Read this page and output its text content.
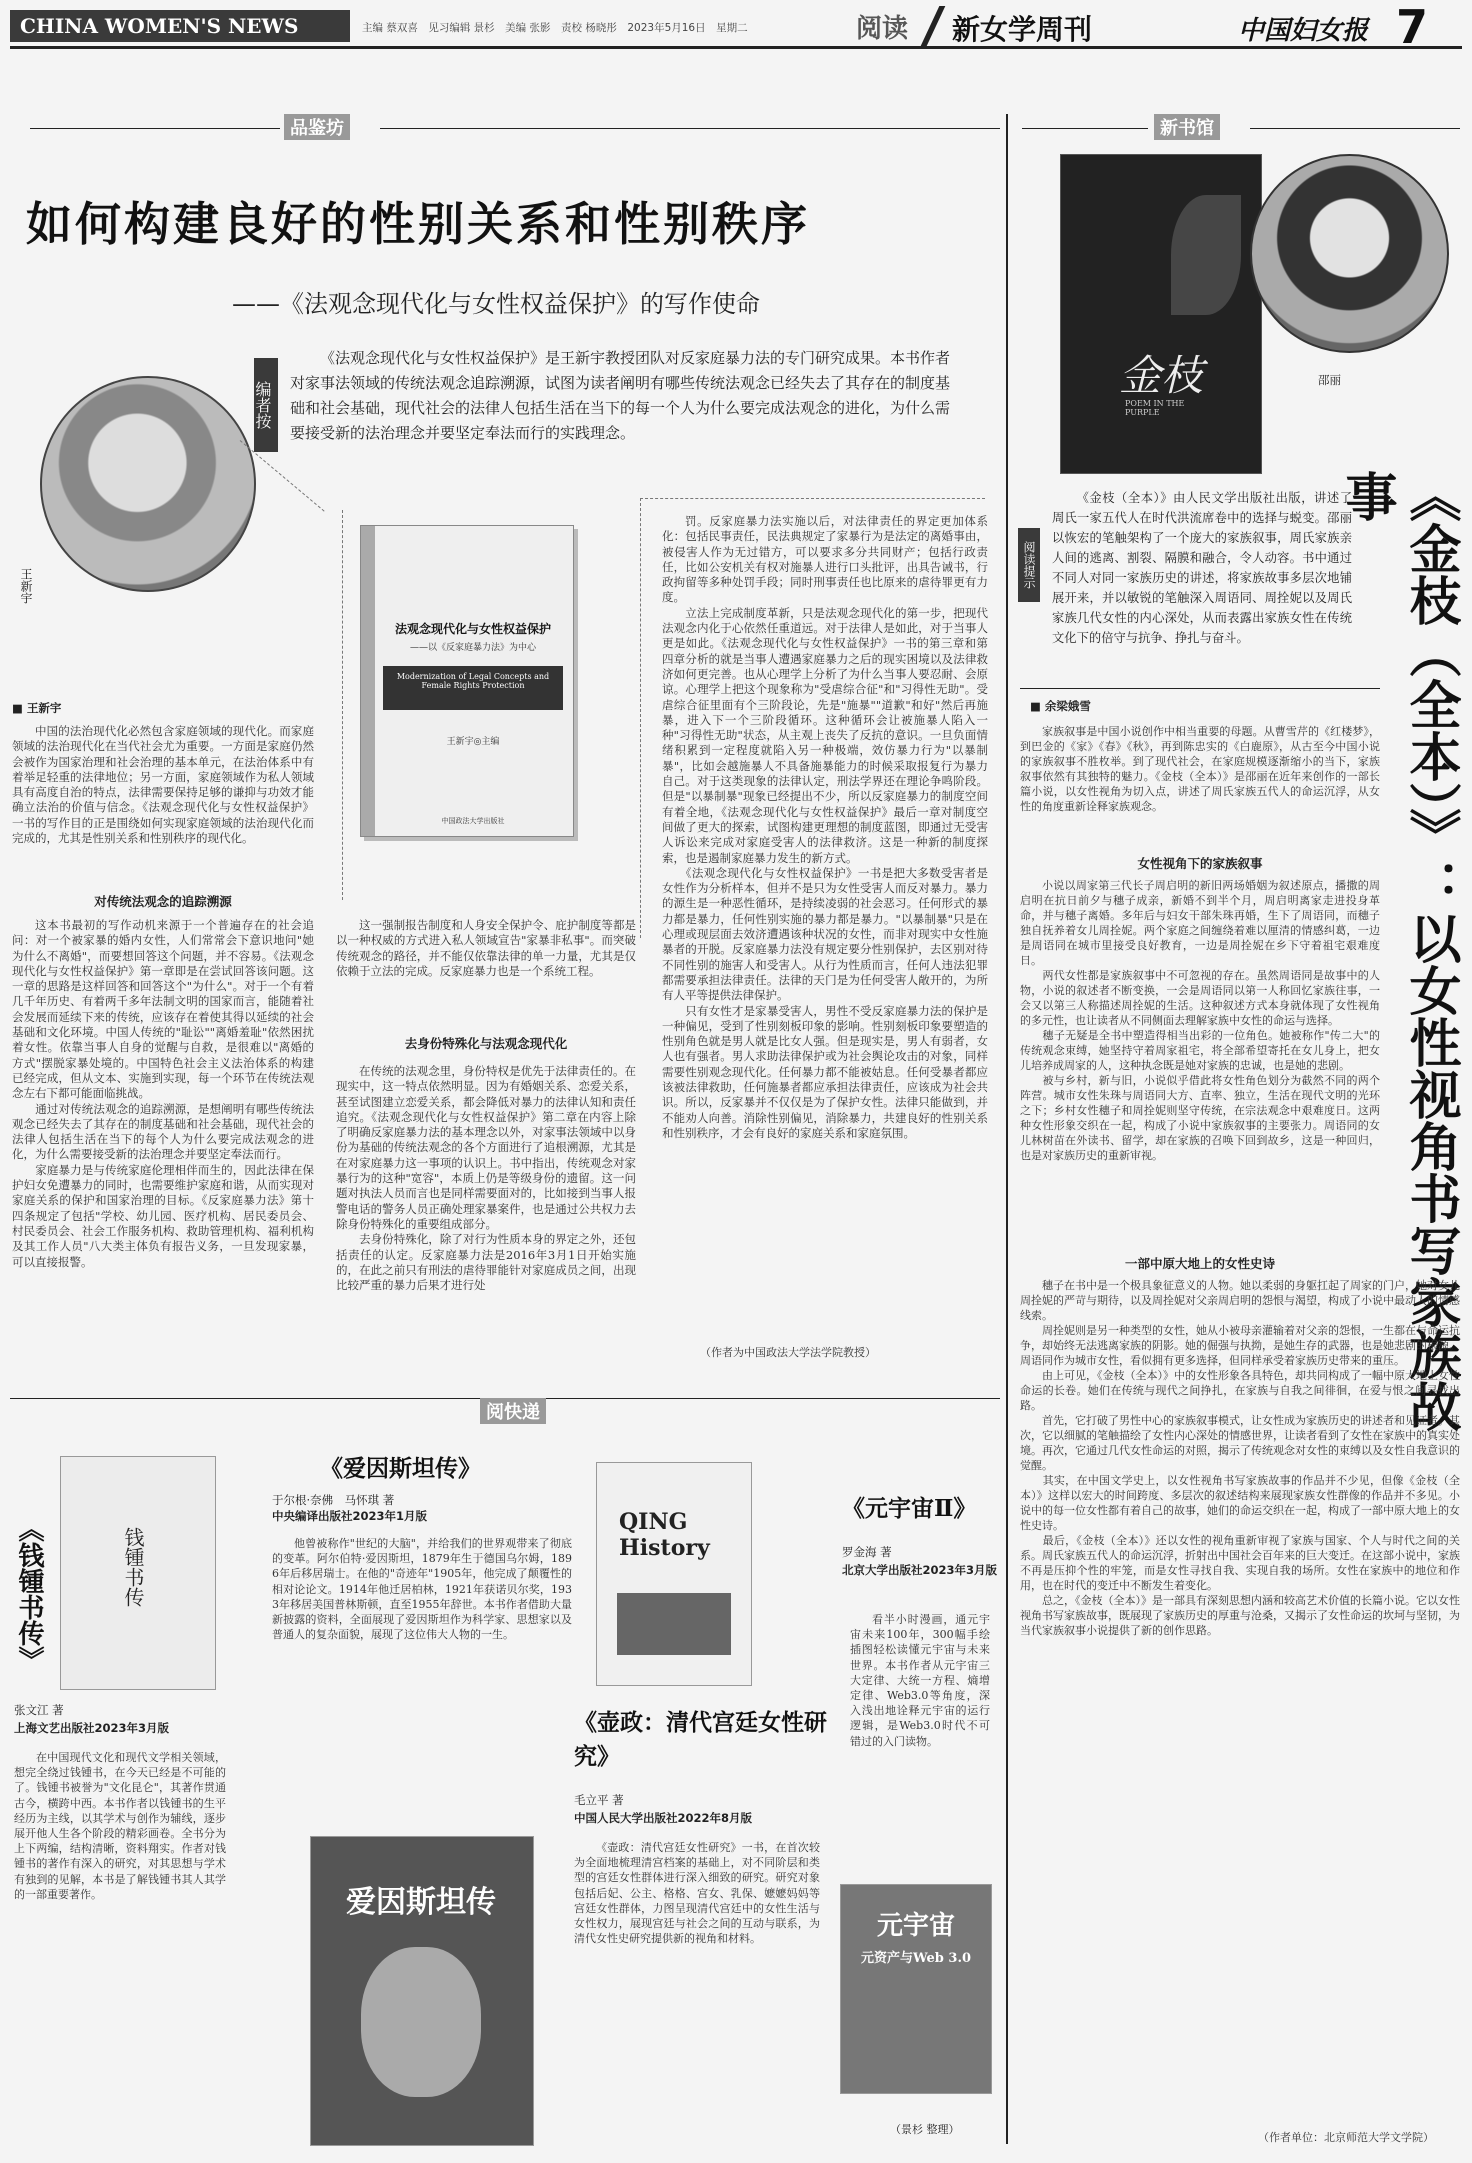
CHINA WOMEN'S NEWS	主编 蔡双喜　见习编辑 景杉　美编 张影　责校 杨晓彤　2023年5月16日　星期二	阅读 新女学周刊	中国妇女报 7
品鉴坊
如何构建良好的性别关系和性别秩序
——《法观念现代化与女性权益保护》的写作使命
编者按
《法观念现代化与女性权益保护》是王新宇教授团队对反家庭暴力法的专门研究成果。本书作者对家事法领域的传统法观念追踪溯源，试图为读者阐明有哪些传统法观念已经失去了其存在的制度基础和社会基础，现代社会的法律人包括生活在当下的每一个人为什么要完成法观念的进化，为什么需要接受新的法治理念并要坚定奉法而行的实践理念。
王新宇
■ 王新宇
法观念现代化与女性权益保护
——以《反家庭暴力法》为中心
Modernization of Legal Concepts and Female Rights Protection
王新宇◎主编
中国政法大学出版社
中国的法治现代化必然包含家庭领域的现代化。而家庭领域的法治现代化在当代社会尤为重要。一方面是家庭仍然会被作为国家治理和社会治理的基本单元，在法治体系中有着举足轻重的法律地位；另一方面，家庭领域作为私人领域具有高度自治的特点，法律需要保持足够的谦抑与功效才能确立法治的价值与信念。《法观念现代化与女性权益保护》一书的写作目的正是围绕如何实现家庭领域的法治现代化而完成的，尤其是性别关系和性别秩序的现代化。
对传统法观念的追踪溯源
这本书最初的写作动机来源于一个普遍存在的社会追问：对一个被家暴的婚内女性，人们常常会下意识地问"她为什么不离婚"，而要想回答这个问题，并不容易。《法观念现代化与女性权益保护》第一章即是在尝试回答该问题。这一章的思路是这样回答和回答这个"为什么"。对于一个有着几千年历史、有着两千多年法制文明的国家而言，能随着社会发展而延续下来的传统，应该存在着使其得以延续的社会基础和文化环境。中国人传统的"耻讼""离婚羞耻"依然困扰着女性。依靠当事人自身的觉醒与自救，是很难以"离婚的方式"摆脱家暴处境的。中国特色社会主义法治体系的构建已经完成，但从文本、实施到实现，每一个环节在传统法观念左右下都可能面临挑战。
　　通过对传统法观念的追踪溯源，是想阐明有哪些传统法观念已经失去了其存在的制度基础和社会基础，现代社会的法律人包括生活在当下的每个人为什么要完成法观念的进化，为什么需要接受新的法治理念并要坚定奉法而行。
　　家庭暴力是与传统家庭伦理相伴而生的，因此法律在保护妇女免遭暴力的同时，也需要维护家庭和谐，从而实现对家庭关系的保护和国家治理的目标。《反家庭暴力法》第十四条规定了包括"学校、幼儿园、医疗机构、居民委员会、村民委员会、社会工作服务机构、救助管理机构、福利机构及其工作人员"八大类主体负有报告义务，一旦发现家暴，可以直接报警。
这一强制报告制度和人身安全保护令、庇护制度等都是以一种权威的方式进入私人领域宣告"家暴非私事"。而突破传统观念的路径，并不能仅依靠法律的单一力量，尤其是仅依赖于立法的完成。反家庭暴力也是一个系统工程。
去身份特殊化与法观念现代化
在传统的法观念里，身份特权是优先于法律责任的。在现实中，这一特点依然明显。因为有婚姻关系、恋爱关系，甚至试图建立恋爱关系，都会降低对暴力的法律认知和责任追究。《法观念现代化与女性权益保护》第二章在内容上除了明确反家庭暴力法的基本理念以外，对家事法领域中以身份为基础的传统法观念的各个方面进行了追根溯源，尤其是在对家庭暴力这一事项的认识上。书中指出，传统观念对家暴行为的这种"宽容"，本质上仍是等级身份的遗留。这一问题对执法人员而言也是同样需要面对的，比如接到当事人报警电话的警务人员正确处理家暴案件，也是通过公共权力去除身份特殊化的重要组成部分。
　　去身份特殊化，除了对行为性质本身的界定之外，还包括责任的认定。反家庭暴力法是2016年3月1日开始实施的，在此之前只有刑法的虐待罪能针对家庭成员之间，出现比较严重的暴力后果才进行处
罚。反家庭暴力法实施以后，对法律责任的界定更加体系化：包括民事责任，民法典规定了家暴行为是法定的离婚事由，被侵害人作为无过错方，可以要求多分共同财产；包括行政责任，比如公安机关有权对施暴人进行口头批评，出具告诫书，行政拘留等多种处罚手段；同时刑事责任也比原来的虐待罪更有力度。
　　立法上完成制度革新，只是法观念现代化的第一步，把现代法观念内化于心依然任重道远。对于法律人是如此，对于当事人更是如此。《法观念现代化与女性权益保护》一书的第三章和第四章分析的就是当事人遭遇家庭暴力之后的现实困境以及法律救济如何更完善。也从心理学上分析了为什么当事人要忍耐、会原谅。心理学上把这个现象称为"受虐综合征"和"习得性无助"。受虐综合征里面有个三阶段论，先是"施暴""道歉"和好"然后再施暴，进入下一个三阶段循环。这种循环会让被施暴人陷入一种"习得性无助"状态，从主观上丧失了反抗的意识。一旦负面情绪积累到一定程度就陷入另一种极端，效仿暴力行为"以暴制暴"，比如会越施暴人不具备施暴能力的时候采取报复行为暴力自己。对于这类现象的法律认定，刑法学界还在理论争鸣阶段。但是"以暴制暴"现象已经提出不少，所以反家庭暴力的制度空间有着全地，《法观念现代化与女性权益保护》最后一章对制度空间做了更大的探索，试图构建更理想的制度蓝图，即通过无受害人诉讼来完成对家庭受害人的法律救济。这是一种新的制度探索，也是遏制家庭暴力发生的新方式。
　　《法观念现代化与女性权益保护》一书是把大多数受害者是女性作为分析样本，但并不是只为女性受害人而反对暴力。暴力的源生是一种恶性循环，是持续凌弱的社会恶习。任何形式的暴力都是暴力，任何性别实施的暴力都是暴力。"以暴制暴"只是在心理或现层面去效济遭遇该种状况的女性，而非对现实中女性施暴者的开脱。反家庭暴力法没有规定要分性别保护，去区别对待不同性别的施害人和受害人。从行为性质而言，任何人违法犯罪都需要承担法律责任。法律的天门是为任何受害人敞开的，为所有人平等提供法律保护。
　　只有女性才是家暴受害人，男性不受反家庭暴力法的保护是一种偏见，受到了性别刻板印象的影响。性别刻板印象要塑造的性别角色就是男人就是比女人强。但是现实是，男人有弱者，女人也有强者。男人求助法律保护或为社会舆论攻击的对象，同样需要性别观念现代化。任何暴力都不能被姑息。任何受暴者都应该被法律救助，任何施暴者都应承担法律责任，应该成为社会共识。所以，反家暴并不仅仅是为了保护女性。法律只能做到，并不能劝人向善。消除性别偏见，消除暴力，共建良好的性别关系和性别秩序，才会有良好的家庭关系和家庭氛围。
（作者为中国政法大学法学院教授）
新书馆
金枝
POEM IN THE PURPLE
邵丽
阅读提示
《金枝（全本）》由人民文学出版社出版，讲述了周氏一家五代人在时代洪流席卷中的选择与蜕变。邵丽以恢宏的笔触架构了一个庞大的家族叙事，周氏家族亲人间的逃离、割裂、隔膜和融合，令人动容。书中通过不同人对同一家族历史的讲述，将家族故事多层次地铺展开来，并以敏锐的笔触深入周语同、周拴妮以及周氏家族几代女性的内心深处，从而表露出家族女性在传统文化下的倍守与抗争、挣扎与奋斗。	《金枝（全本）》：以女性视角书写家族故事
■ 余梁娥雪
家族叙事是中国小说创作中相当重要的母题。从曹雪芹的《红楼梦》，到巴金的《家》《春》《秋》，再到陈忠实的《白鹿原》，从古至今中国小说的家族叙事不胜枚举。到了现代社会，在家庭规模逐渐缩小的当下，家族叙事依然有其独特的魅力。《金枝（全本）》是邵丽在近年来创作的一部长篇小说，以女性视角为切入点，讲述了周氏家族五代人的命运沉浮，从女性的角度重新诠释家族观念。
女性视角下的家族叙事
小说以周家第三代长子周启明的新旧两场婚姻为叙述原点，播撒的周启明在抗日前夕与穗子成亲，新婚不到半个月，周启明离家走进投身革命，并与穗子离婚。多年后与妇女干部朱珠再婚，生下了周语同，而穗子独自抚养着女儿周拴妮。两个家庭之间缠绕着难以厘清的情感纠葛，一边是周语同在城市里接受良好教育，一边是周拴妮在乡下守着祖宅艰难度日。
　　两代女性都是家族叙事中不可忽视的存在。虽然周语同是故事中的人物，小说的叙述者不断变换，一会是周语同以第一人称回忆家族往事，一会又以第三人称描述周拴妮的生活。这种叙述方式本身就体现了女性视角的多元性，也让读者从不同侧面去理解家族中女性的命运与选择。
　　穗子无疑是全书中塑造得相当出彩的一位角色。她被称作"传二大"的传统观念束缚，她坚持守着周家祖宅，将全部希望寄托在女儿身上，把女儿培养成周家的人，这种执念既是她对家族的忠诚，也是她的悲剧。
　　被与乡村，新与旧，小说似乎借此将女性角色划分为截然不同的两个阵营。城市女性朱珠与周语同大方、直率、独立，生活在现代文明的光环之下；乡村女性穗子和周拴妮则坚守传统，在宗法观念中艰难度日。这两种女性形象交织在一起，构成了小说中家族叙事的主要张力。周语同的女儿林树苗在外读书、留学，却在家族的召唤下回到故乡，这是一种回归，也是对家族历史的重新审视。
一部中原大地上的女性史诗
穗子在书中是一个极具象征意义的人物。她以柔弱的身躯扛起了周家的门户，她对女儿周拴妮的严苛与期待，以及周拴妮对父亲周启明的怨恨与渴望，构成了小说中最动人的情感线索。
　　周拴妮则是另一种类型的女性，她从小被母亲灌输着对父亲的怨恨，一生都在与命运抗争，却始终无法逃离家族的阴影。她的倔强与执拗，是她生存的武器，也是她悲剧的根源。周语同作为城市女性，看似拥有更多选择，但同样承受着家族历史带来的重压。
　　由上可见，《金枝（全本）》中的女性形象各具特色，却共同构成了一幅中原大地上女性命运的长卷。她们在传统与现代之间挣扎，在家族与自我之间徘徊，在爱与恨之间寻找出路。
　　首先，它打破了男性中心的家族叙事模式，让女性成为家族历史的讲述者和见证者。其次，它以细腻的笔触描绘了女性内心深处的情感世界，让读者看到了女性在家族中的真实处境。再次，它通过几代女性命运的对照，揭示了传统观念对女性的束缚以及女性自我意识的觉醒。
　　其实，在中国文学史上，以女性视角书写家族故事的作品并不少见，但像《金枝（全本）》这样以宏大的时间跨度、多层次的叙述结构来展现家族女性群像的作品并不多见。小说中的每一位女性都有着自己的故事，她们的命运交织在一起，构成了一部中原大地上的女性史诗。
　　最后，《金枝（全本）》还以女性的视角重新审视了家族与国家、个人与时代之间的关系。周氏家族五代人的命运沉浮，折射出中国社会百年来的巨大变迁。在这部小说中，家族不再是压抑个性的牢笼，而是女性寻找自我、实现自我的场所。女性在家族中的地位和作用，也在时代的变迁中不断发生着变化。
　　总之，《金枝（全本）》是一部具有深刻思想内涵和较高艺术价值的长篇小说。它以女性视角书写家族故事，既展现了家族历史的厚重与沧桑，又揭示了女性命运的坎坷与坚韧，为当代家族叙事小说提供了新的创作思路。
（作者单位：北京师范大学文学院）
阅快递
《钱锺书传》	钱锺书传
张文江 著
上海文艺出版社2023年3月版
在中国现代文化和现代文学相关领域，想完全绕过钱锺书，在今天已经是不可能的了。钱锺书被誉为"文化昆仑"，其著作贯通古今，横跨中西。本书作者以钱锺书的生平经历为主线，以其学术与创作为辅线，逐步展开他人生各个阶段的精彩画卷。全书分为上下两编，结构清晰，资料翔实。作者对钱锺书的著作有深入的研究，对其思想与学术有独到的见解，本书是了解钱锺书其人其学的一部重要著作。
《爱因斯坦传》
于尔根·奈佛　马怀琪 著
中央编译出版社2023年1月版
他曾被称作"世纪的大脑"，并给我们的世界观带来了彻底的变革。阿尔伯特·爱因斯坦，1879年生于德国乌尔姆，1896年后移居瑞士。在他的"奇迹年"1905年，他完成了颠覆性的相对论论文。1914年他迁居柏林，1921年获诺贝尔奖，1933年移居美国普林斯顿，直至1955年辞世。本书作者借助大量新披露的资料，全面展现了爱因斯坦作为科学家、思想家以及普通人的复杂面貌，展现了这位伟大人物的一生。
爱因斯坦传
QING History
《壶政：清代宫廷女性研究》
毛立平 著
中国人民大学出版社2022年8月版
《壶政：清代宫廷女性研究》一书，在首次较为全面地梳理清宫档案的基础上，对不同阶层和类型的宫廷女性群体进行深入细致的研究。研究对象包括后妃、公主、格格、宫女、乳保、嬷嬷妈妈等宫廷女性群体，力图呈现清代宫廷中的女性生活与女性权力，展现宫廷与社会之间的互动与联系，为清代女性史研究提供新的视角和材料。
《元宇宙Ⅱ》
罗金海 著
北京大学出版社2023年3月版
看半小时漫画，通元宇宙未来100年，300幅手绘插图轻松读懂元宇宙与未来世界。本书作者从元宇宙三大定律、大统一方程、熵增定律、Web3.0等角度，深入浅出地诠释元宇宙的运行逻辑，是Web3.0时代不可错过的入门读物。
元宇宙
元资产与Web 3.0
（景杉 整理）
